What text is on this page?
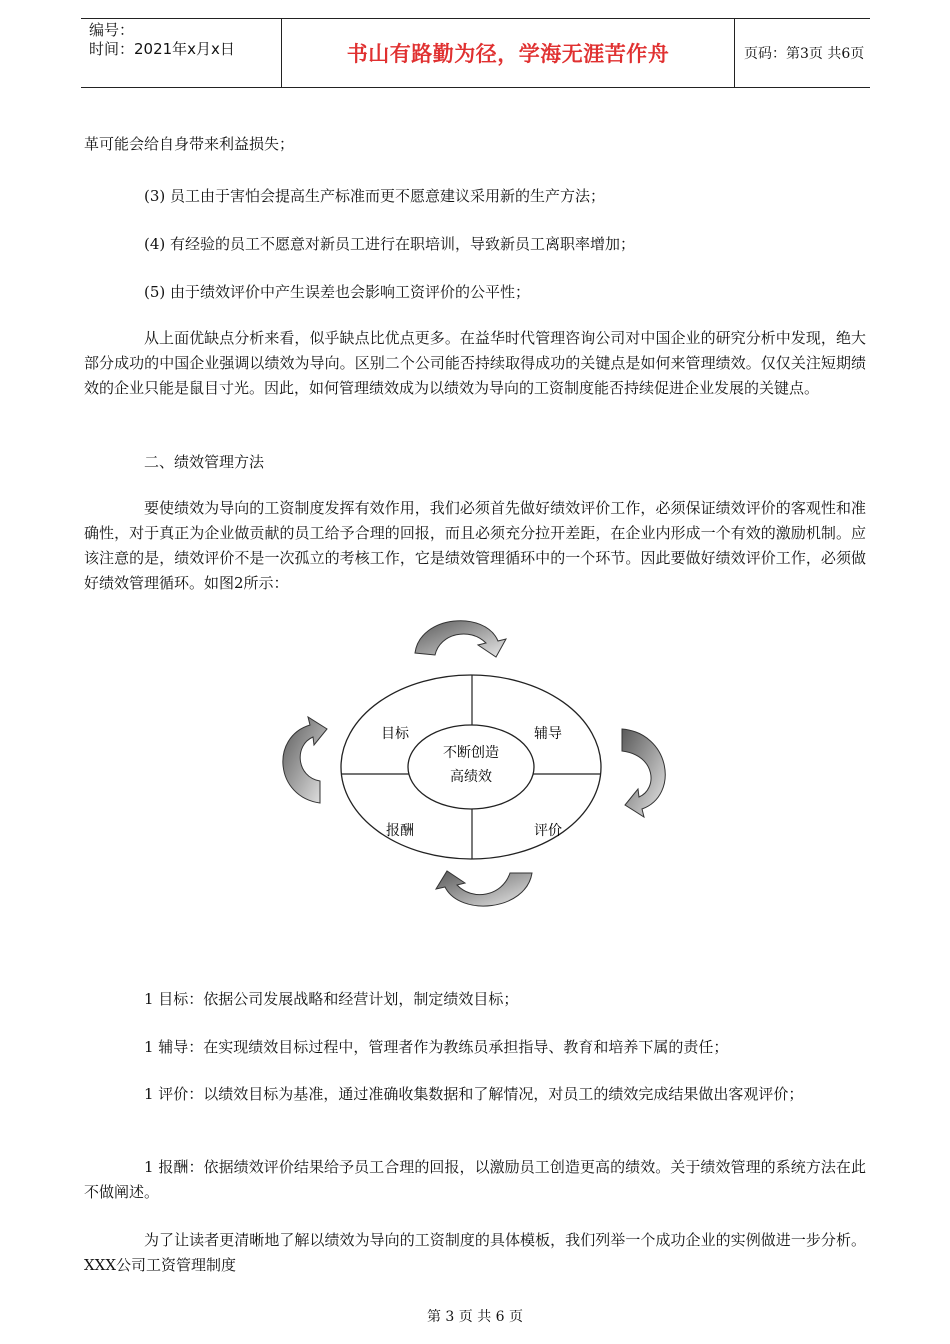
编号：
时间：2021年x月x日	书山有路勤为径，学海无涯苦作舟	页码：第3页 共6页
革可能会给自身带来利益损失；
(3) 员工由于害怕会提高生产标准而更不愿意建议采用新的生产方法；
(4) 有经验的员工不愿意对新员工进行在职培训，导致新员工离职率增加；
(5) 由于绩效评价中产生误差也会影响工资评价的公平性；
从上面优缺点分析来看，似乎缺点比优点更多。在益华时代管理咨询公司对中国企业的研究分析中发现，绝大部分成功的中国企业强调以绩效为导向。区别二个公司能否持续取得成功的关键点是如何来管理绩效。仅仅关注短期绩效的企业只能是鼠目寸光。因此，如何管理绩效成为以绩效为导向的工资制度能否持续促进企业发展的关键点。
二、绩效管理方法
要使绩效为导向的工资制度发挥有效作用，我们必须首先做好绩效评价工作，必须保证绩效评价的客观性和准确性，对于真正为企业做贡献的员工给予合理的回报，而且必须充分拉开差距，在企业内形成一个有效的激励机制。应该注意的是，绩效评价不是一次孤立的考核工作，它是绩效管理循环中的一个环节。因此要做好绩效评价工作，必须做好绩效管理循环。如图2所示：
不断创造
高绩效
目标	辅导
评价
报酬
1 目标：依据公司发展战略和经营计划，制定绩效目标；
1 辅导：在实现绩效目标过程中，管理者作为教练员承担指导、教育和培养下属的责任；
1 评价：以绩效目标为基准，通过准确收集数据和了解情况，对员工的绩效完成结果做出客观评价；
1 报酬：依据绩效评价结果给予员工合理的回报，以激励员工创造更高的绩效。关于绩效管理的系统方法在此不做阐述。
为了让读者更清晰地了解以绩效为导向的工资制度的具体模板，我们列举一个成功企业的实例做进一步分析。XXX公司工资管理制度
第 3 页 共 6 页
